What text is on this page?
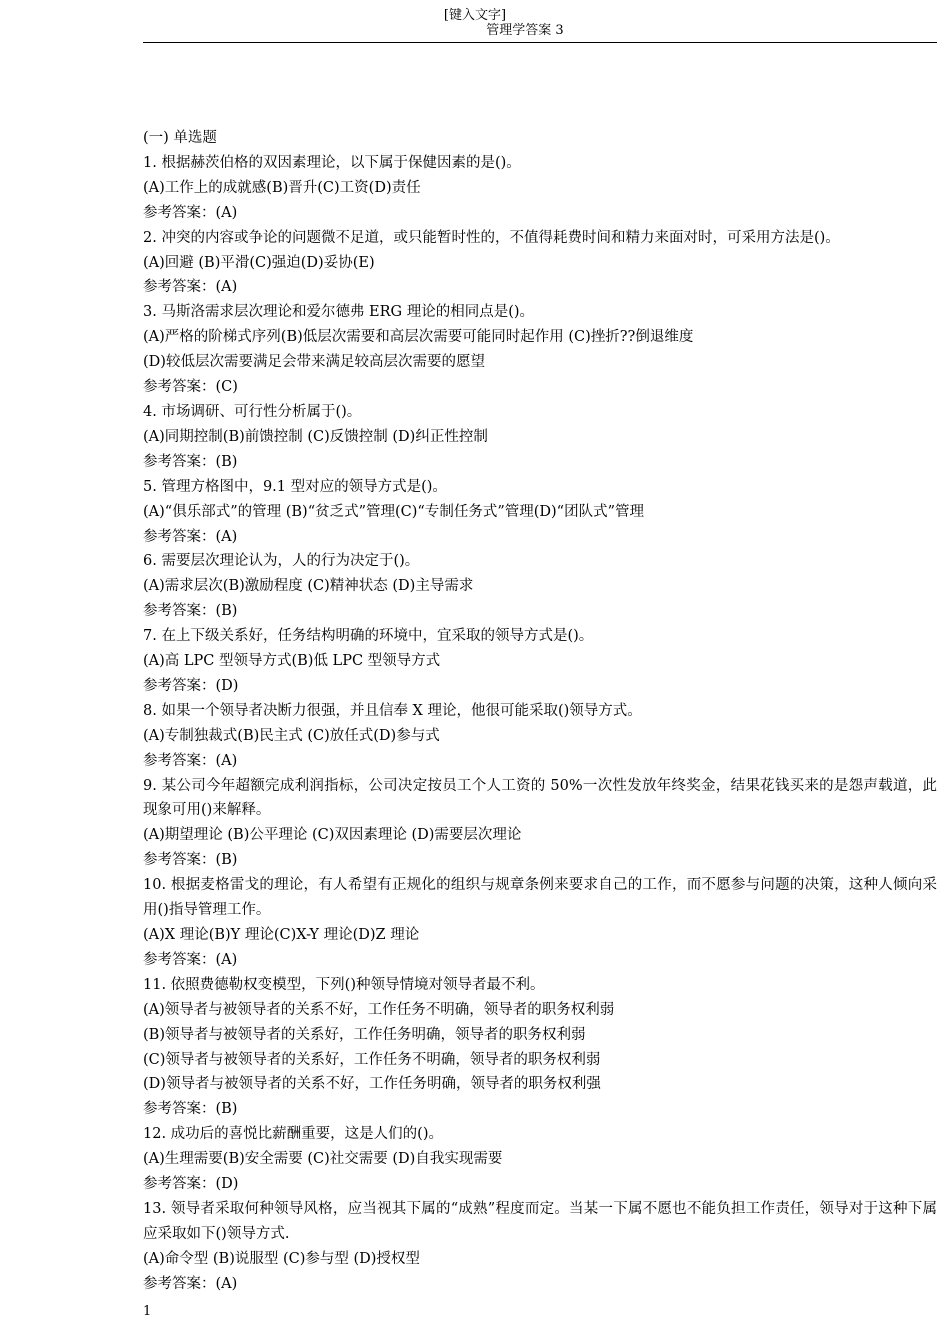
[键入文字]
管理学答案 3
(一) 单选题
1. 根据赫茨伯格的双因素理论，以下属于保健因素的是()。
(A)工作上的成就感(B)晋升(C)工资(D)责任
参考答案：(A)
2. 冲突的内容或争论的问题微不足道，或只能暂时性的，不值得耗费时间和精力来面对时，可采用方法是()。
(A)回避 (B)平滑(C)强迫(D)妥协(E)
参考答案：(A)
3. 马斯洛需求层次理论和爱尔德弗 ERG 理论的相同点是()。
(A)严格的阶梯式序列(B)低层次需要和高层次需要可能同时起作用 (C)挫折??倒退维度
(D)较低层次需要满足会带来满足较高层次需要的愿望
参考答案：(C)
4. 市场调研、可行性分析属于()。
(A)同期控制(B)前馈控制 (C)反馈控制 (D)纠正性控制
参考答案：(B)
5. 管理方格图中，9.1 型对应的领导方式是()。
(A)“俱乐部式”的管理 (B)“贫乏式”管理(C)“专制任务式”管理(D)“团队式”管理
参考答案：(A)
6. 需要层次理论认为，人的行为决定于()。
(A)需求层次(B)激励程度 (C)精神状态 (D)主导需求
参考答案：(B)
7. 在上下级关系好，任务结构明确的环境中，宜采取的领导方式是()。
(A)高 LPC 型领导方式(B)低 LPC 型领导方式
参考答案：(D)
8. 如果一个领导者决断力很强，并且信奉 X 理论，他很可能采取()领导方式。
(A)专制独裁式(B)民主式 (C)放任式(D)参与式
参考答案：(A)
9. 某公司今年超额完成利润指标，公司决定按员工个人工资的 50%一次性发放年终奖金，结果花钱买来的是怨声载道，此现象可用()来解释。
(A)期望理论 (B)公平理论 (C)双因素理论 (D)需要层次理论
参考答案：(B)
10. 根据麦格雷戈的理论，有人希望有正规化的组织与规章条例来要求自己的工作，而不愿参与问题的决策，这种人倾向采用()指导管理工作。
(A)X 理论(B)Y 理论(C)X-Y 理论(D)Z 理论
参考答案：(A)
11. 依照费德勒权变模型，下列()种领导情境对领导者最不利。
(A)领导者与被领导者的关系不好，工作任务不明确，领导者的职务权利弱
(B)领导者与被领导者的关系好，工作任务明确，领导者的职务权利弱
(C)领导者与被领导者的关系好，工作任务不明确，领导者的职务权利弱
(D)领导者与被领导者的关系不好，工作任务明确，领导者的职务权利强
参考答案：(B)
12. 成功后的喜悦比薪酬重要，这是人们的()。
(A)生理需要(B)安全需要 (C)社交需要 (D)自我实现需要
参考答案：(D)
13. 领导者采取何种领导风格，应当视其下属的“成熟”程度而定。当某一下属不愿也不能负担工作责任，领导对于这种下属应采取如下()领导方式.
(A)命令型 (B)说服型 (C)参与型 (D)授权型
参考答案：(A)
1
